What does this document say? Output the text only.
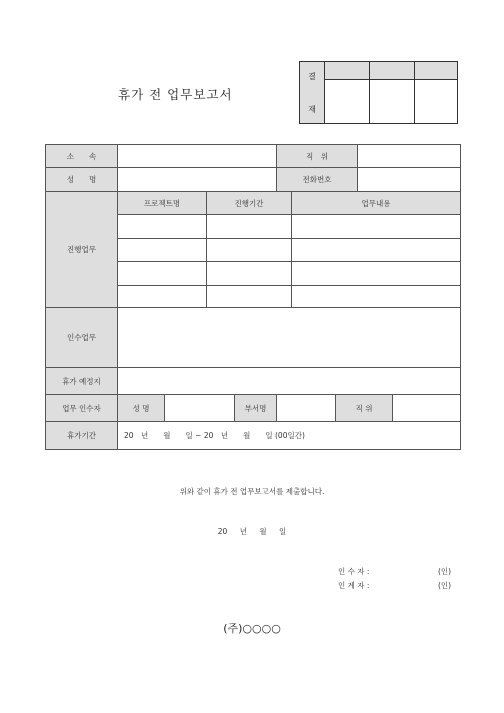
휴가 전 업무보고서
결
재			

소　　속					직　위				
성　　명					전화번호				
진행업무	프로젝트명		진행기간			업무내용			

인수업무									
휴가 예정지									
업무 인수자	성 명			부서명			직 위		
휴가기간	20　년　　월　　일 ~ 20　년　　월　　일 (00일간)								
위와 같이 휴가 전 업무보고서를 제출합니다.
20 년 월 일
인 수 자 :	(인)
인 계 자 :	(인)
(주)○○○○
